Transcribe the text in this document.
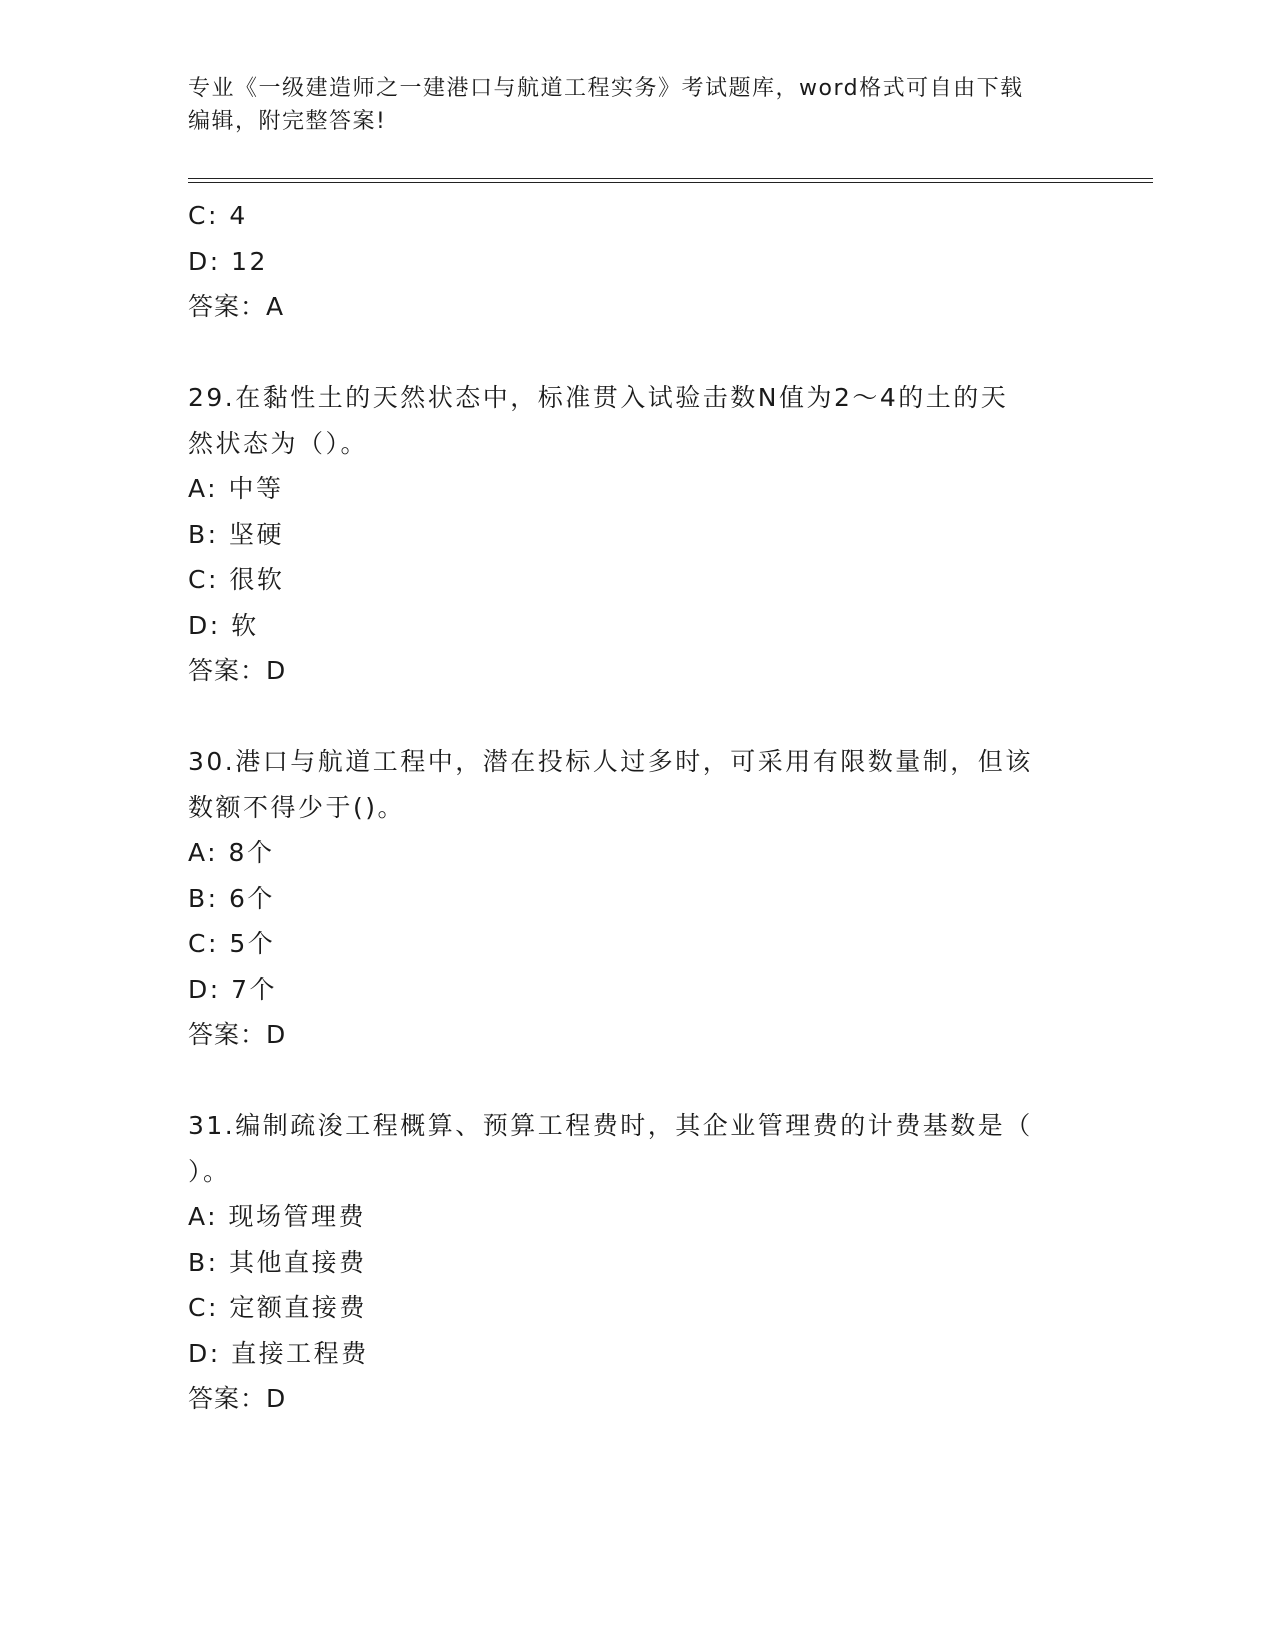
专业《一级建造师之一建港口与航道工程实务》考试题库，word格式可自由下载
编辑，附完整答案!
C: 4
D: 12
答案：A
29.在黏性土的天然状态中，标准贯入试验击数N值为2～4的土的天
然状态为（）。
A: 中等
B: 坚硬
C: 很软
D: 软
答案：D
30.港口与航道工程中，潜在投标人过多时，可采用有限数量制，但该
数额不得少于()。
A: 8个
B: 6个
C: 5个
D: 7个
答案：D
31.编制疏浚工程概算、预算工程费时，其企业管理费的计费基数是（
）。
A: 现场管理费
B: 其他直接费
C: 定额直接费
D: 直接工程费
答案：D
